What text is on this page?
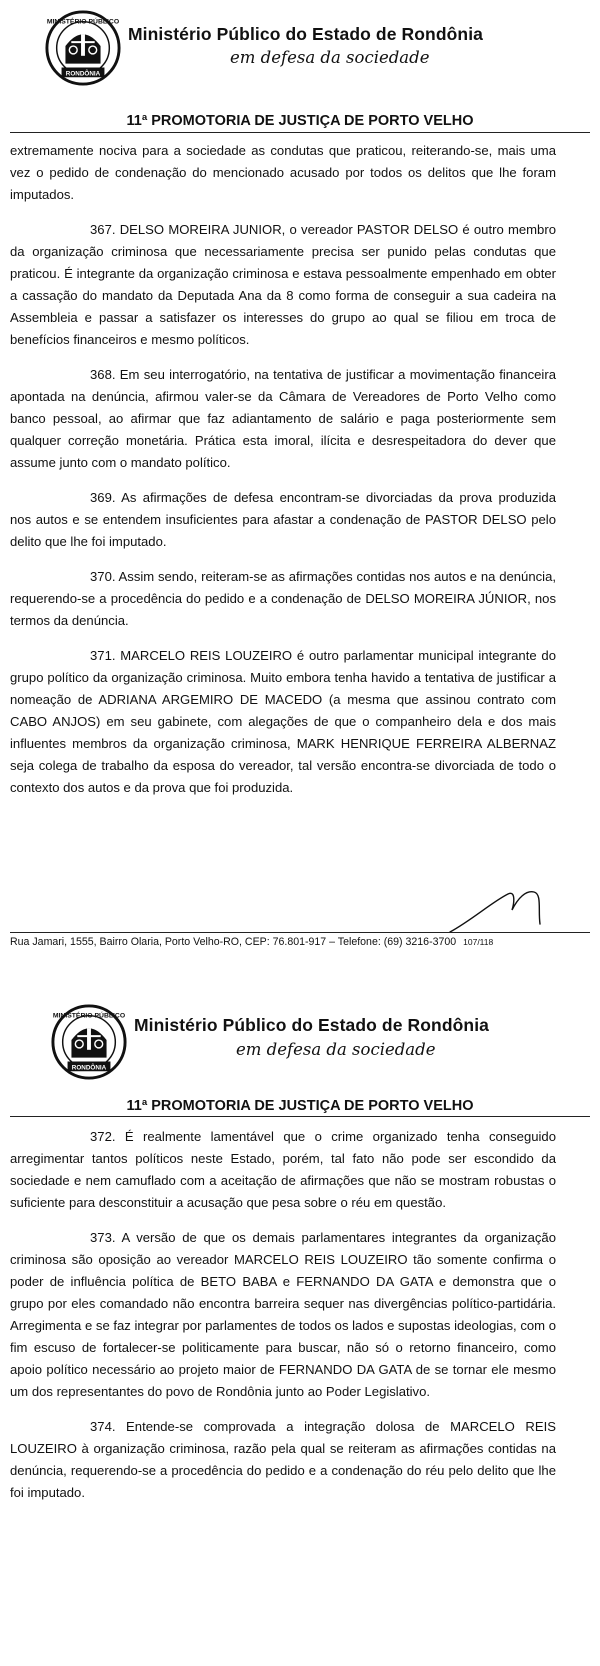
MINISTÉRIO PÚBLICO
RONDÔNIA
Ministério Público do Estado de Rondônia
em defesa da sociedade
11ª PROMOTORIA DE JUSTIÇA DE PORTO VELHO

extremamente nociva para a sociedade as condutas que praticou, reiterando-se, mais uma vez o pedido de condenação do mencionado acusado por todos os delitos que lhe foram imputados.

367. DELSO MOREIRA JUNIOR, o vereador PASTOR DELSO é outro membro da organização criminosa que necessariamente precisa ser punido pelas condutas que praticou. É integrante da organização criminosa e estava pessoalmente empenhado em obter a cassação do mandato da Deputada Ana da 8 como forma de conseguir a sua cadeira na Assembleia e passar a satisfazer os interesses do grupo ao qual se filiou em troca de benefícios financeiros e mesmo políticos.

368. Em seu interrogatório, na tentativa de justificar a movimentação financeira apontada na denúncia, afirmou valer-se da Câmara de Vereadores de Porto Velho como banco pessoal, ao afirmar que faz adiantamento de salário e paga posteriormente sem qualquer correção monetária. Prática esta imoral, ilícita e desrespeitadora do dever que assume junto com o mandato político.

369. As afirmações de defesa encontram-se divorciadas da prova produzida nos autos e se entendem insuficientes para afastar a condenação de PASTOR DELSO pelo delito que lhe foi imputado.

370. Assim sendo, reiteram-se as afirmações contidas nos autos e na denúncia, requerendo-se a procedência do pedido e a condenação de DELSO MOREIRA JÚNIOR, nos termos da denúncia.

371. MARCELO REIS LOUZEIRO é outro parlamentar municipal integrante do grupo político da organização criminosa. Muito embora tenha havido a tentativa de justificar a nomeação de ADRIANA ARGEMIRO DE MACEDO (a mesma que assinou contrato com CABO ANJOS) em seu gabinete, com alegações de que o companheiro dela e dos mais influentes membros da organização criminosa, MARK HENRIQUE FERREIRA ALBERNAZ seja colega de trabalho da esposa do vereador, tal versão encontra-se divorciada de todo o contexto dos autos e da prova que foi produzida.

Rua Jamari, 1555, Bairro Olaria, Porto Velho-RO, CEP: 76.801-917 – Telefone: (69) 3216-3700 107/118
MINISTÉRIO PÚBLICO
RONDÔNIA
Ministério Público do Estado de Rondônia
em defesa da sociedade
11ª PROMOTORIA DE JUSTIÇA DE PORTO VELHO

372. É realmente lamentável que o crime organizado tenha conseguido arregimentar tantos políticos neste Estado, porém, tal fato não pode ser escondido da sociedade e nem camuflado com a aceitação de afirmações que não se mostram robustas o suficiente para desconstituir a acusação que pesa sobre o réu em questão.

373. A versão de que os demais parlamentares integrantes da organização criminosa são oposição ao vereador MARCELO REIS LOUZEIRO tão somente confirma o poder de influência política de BETO BABA e FERNANDO DA GATA e demonstra que o grupo por eles comandado não encontra barreira sequer nas divergências político-partidária. Arregimenta e se faz integrar por parlamentes de todos os lados e supostas ideologias, com o fim escuso de fortalecer-se politicamente para buscar, não só o retorno financeiro, como apoio político necessário ao projeto maior de FERNANDO DA GATA de se tornar ele mesmo um dos representantes do povo de Rondônia junto ao Poder Legislativo.

374. Entende-se comprovada a integração dolosa de MARCELO REIS LOUZEIRO à organização criminosa, razão pela qual se reiteram as afirmações contidas na denúncia, requerendo-se a procedência do pedido e a condenação do réu pelo delito que lhe foi imputado.
